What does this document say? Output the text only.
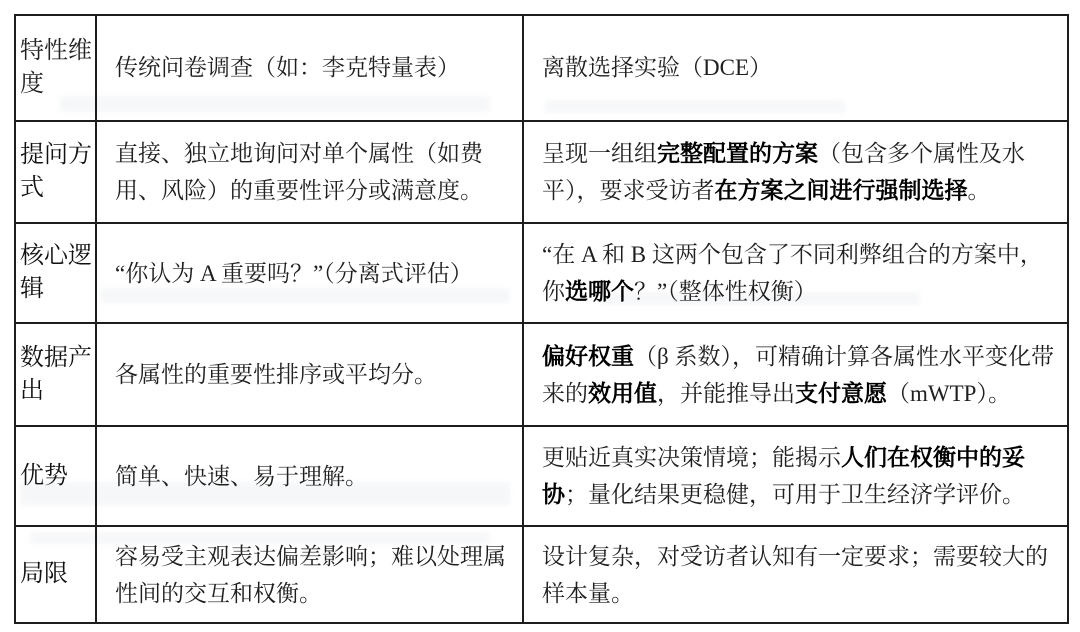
特性维度	传统问卷调查（如：李克特量表）	离散选择实验（DCE）
提问方式	直接、独立地询问对单个属性（如费用、风险）的重要性评分或满意度。	呈现一组组完整配置的方案（包含多个属性及水平），要求受访者在方案之间进行强制选择。
核心逻辑	“你认为 A 重要吗？”（分离式评估）	“在 A 和 B 这两个包含了不同利弊组合的方案中，你选哪个？”（整体性权衡）
数据产出	各属性的重要性排序或平均分。	偏好权重（β 系数），可精确计算各属性水平变化带来的效用值，并能推导出支付意愿（mWTP）。
优势	简单、快速、易于理解。	更贴近真实决策情境；能揭示人们在权衡中的妥协；量化结果更稳健，可用于卫生经济学评价。
局限	容易受主观表达偏差影响；难以处理属性间的交互和权衡。	设计复杂，对受访者认知有一定要求；需要较大的样本量。
